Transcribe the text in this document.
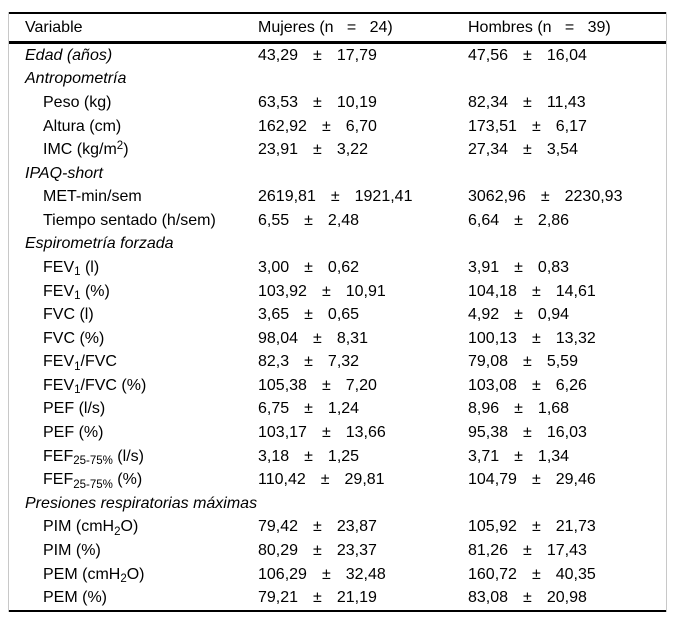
Variable	Mujeres (n   =   24)	Hombres (n   =   39)
Edad (años)	43,29 ± 17,79	47,56 ± 16,04
Antropometría
Peso (kg)	63,53 ± 10,19	82,34 ± 11,43
Altura (cm)	162,92 ± 6,70	173,51 ± 6,17
IMC $(kg/m^2)$	23,91 ± 3,22	27,34 ± 3,54
IPAQ-short
MET-min/sem	2619,81 ± 1921,41	3062,96 ± 2230,93
Tiempo sentado (h/sem)	6,55 ± 2,48	6,64 ± 2,86
Espirometría forzada
$FEV_1$ (l)	3,00 ± 0,62	3,91 ± 0,83
$FEV_1$ (%)	103,92 ± 10,91	104,18 ± 14,61
FVC (l)	3,65 ± 0,65	4,92 ± 0,94
FVC (%)	98,04 ± 8,31	100,13 ± 13,32
$FEV_1$/FVC	82,3 ± 7,32	79,08 ± 5,59
$FEV_1$/FVC (%)	105,38 ± 7,20	103,08 ± 6,26
PEF (l/s)	6,75 ± 1,24	8,96 ± 1,68
PEF (%)	103,17 ± 13,66	95,38 ± 16,03
$FEF_{25-75\%}$ (l/s)	3,18 ± 1,25	3,71 ± 1,34
$FEF_{25-75\%}$ (%)	110,42 ± 29,81	104,79 ± 29,46
Presiones respiratorias máximas
PIM (cmH$_2$O)	79,42 ± 23,87	105,92 ± 21,73
PIM (%)	80,29 ± 23,37	81,26 ± 17,43
PEM (cmH$_2$O)	106,29 ± 32,48	160,72 ± 40,35
PEM (%)	79,21 ± 21,19	83,08 ± 20,98
